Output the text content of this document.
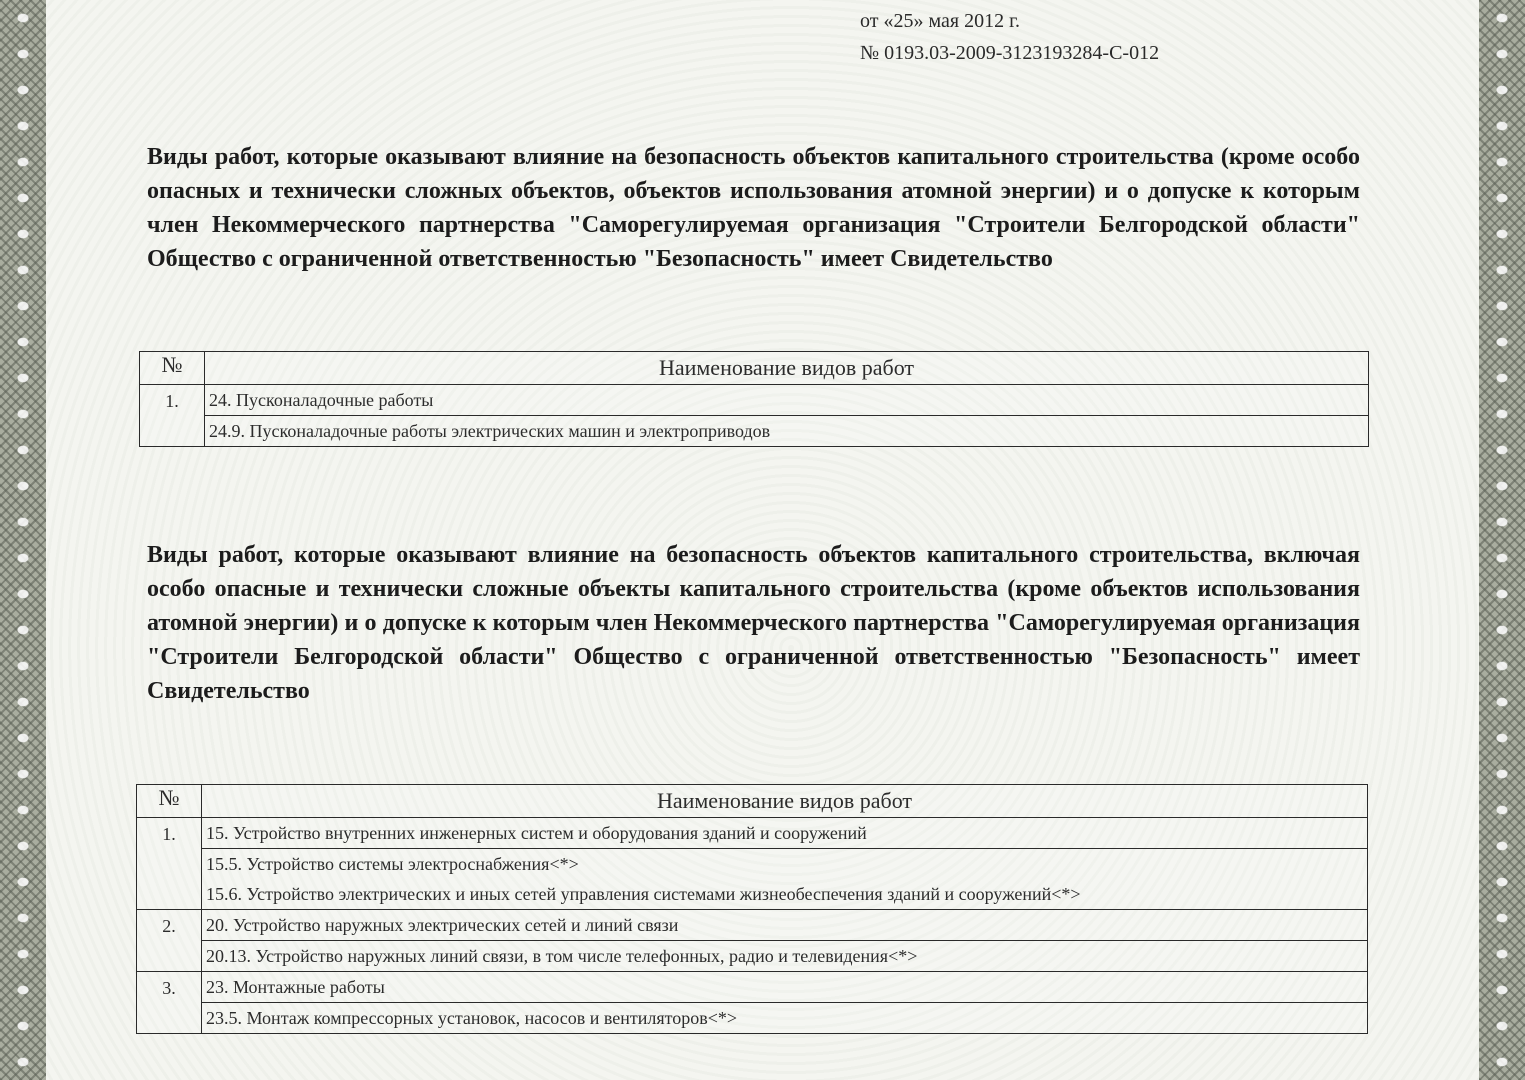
от «25» мая 2012 г.
№ 0193.03-2009-3123193284-С-012

Виды работ, которые оказывают влияние на безопасность объектов капитального строительства (кроме особо опасных и технически сложных объектов, объектов использования атомной энергии) и о допуске к которым член Некоммерческого партнерства "Саморегулируемая организация "Строители Белгородской области" Общество с ограниченной ответственностью "Безопасность" имеет Свидетельство

№	Наименование видов работ
1.	24. Пусконаладочные работы
24.9. Пусконаладочные работы электрических машин и электроприводов

Виды работ, которые оказывают влияние на безопасность объектов капитального строительства, включая особо опасные и технически сложные объекты капитального строительства (кроме объектов использования атомной энергии) и о допуске к которым член Некоммерческого партнерства "Саморегулируемая организация "Строители Белгородской области" Общество с ограниченной ответственностью "Безопасность" имеет Свидетельство

№	Наименование видов работ
1.	15. Устройство внутренних инженерных систем и оборудования зданий и сооружений
15.5. Устройство системы электроснабжения<*>
15.6. Устройство электрических и иных сетей управления системами жизнеобеспечения зданий и сооружений<*>

2.	20. Устройство наружных электрических сетей и линий связи
20.13. Устройство наружных линий связи, в том числе телефонных, радио и телевидения<*>

3.	23. Монтажные работы
23.5. Монтаж компрессорных установок, насосов и вентиляторов<*>
